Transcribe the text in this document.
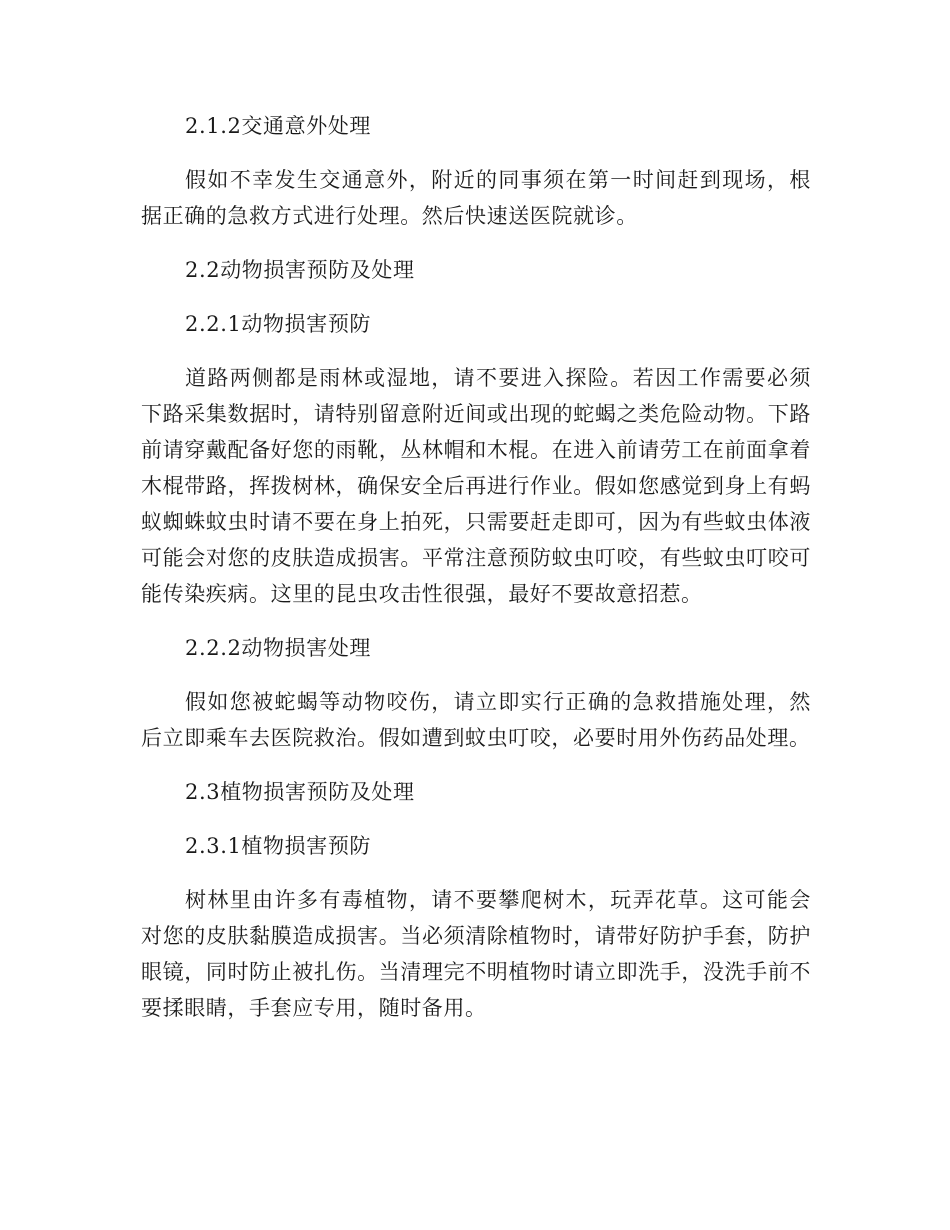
2.1.2交通意外处理

假如不幸发生交通意外，附近的同事须在第一时间赶到现场，根据正确的急救方式进行处理。然后快速送医院就诊。

2.2动物损害预防及处理
2.2.1动物损害预防

道路两侧都是雨林或湿地，请不要进入探险。若因工作需要必须下路采集数据时，请特别留意附近间或出现的蛇蝎之类危险动物。下路前请穿戴配备好您的雨靴，丛林帽和木棍。在进入前请劳工在前面拿着木棍带路，挥拨树林，确保安全后再进行作业。假如您感觉到身上有蚂蚁蜘蛛蚊虫时请不要在身上拍死，只需要赶走即可，因为有些蚊虫体液可能会对您的皮肤造成损害。平常注意预防蚊虫叮咬，有些蚊虫叮咬可能传染疾病。这里的昆虫攻击性很强，最好不要故意招惹。

2.2.2动物损害处理

假如您被蛇蝎等动物咬伤，请立即实行正确的急救措施处理，然后立即乘车去医院救治。假如遭到蚊虫叮咬，必要时用外伤药品处理。

2.3植物损害预防及处理
2.3.1植物损害预防

树林里由许多有毒植物，请不要攀爬树木，玩弄花草。这可能会对您的皮肤黏膜造成损害。当必须清除植物时，请带好防护手套，防护眼镜，同时防止被扎伤。当清理完不明植物时请立即洗手，没洗手前不要揉眼睛，手套应专用，随时备用。
